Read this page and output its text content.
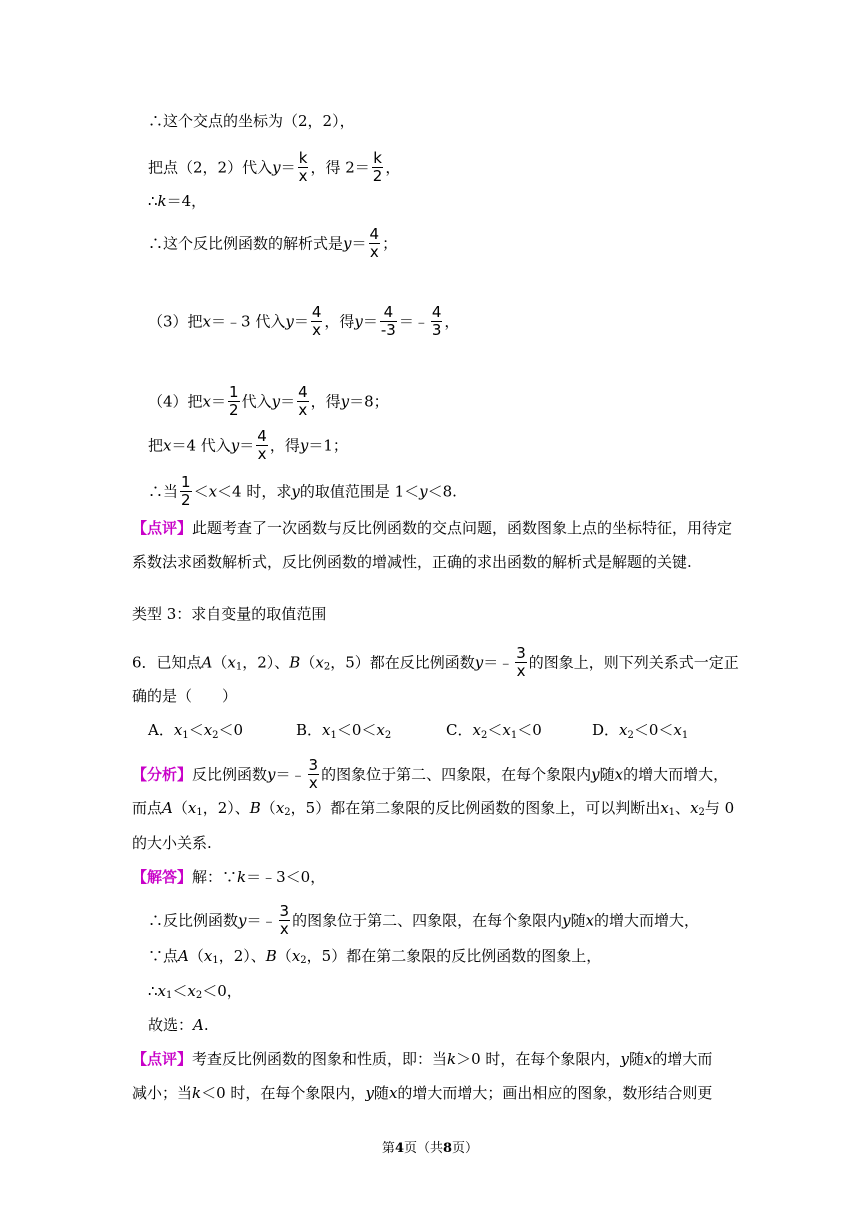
∴这个交点的坐标为（2，2），
把点（2，2）代入$y= \frac{k}{x}$ ，得 $2= \frac{k}{2}$ ，
∴k＝4，
∴这个反比例函数的解析式是$y= \frac{4}{x}$ ；
（3）把x＝﹣3 代入$y= \frac{4}{x}$ ，得$y= \frac{4}{-3}$ ＝﹣ $\frac{4}{3}$ ，
（4）把$x= \frac{1}{2}$ 代入$y= \frac{4}{x}$ ，得y＝8；
把x＝4 代入$y= \frac{4}{x}$ ，得y＝1；
∴当 $\frac{1}{2} <x<4$ 时，求y的取值范围是 1＜y＜8.
【点评】此题考查了一次函数与反比例函数的交点问题，函数图象上点的坐标特征，用待定
系数法求函数解析式，反比例函数的增减性，正确的求出函数的解析式是解题的关键.
类型 3：求自变量的取值范围
6．已知点$A(x_1$，2）、$B(x_2$，5）都在反比例函数y＝﹣ $\frac{3}{x}$ 的图象上，则下列关系式一定正
确的是（　　）
A．$x_1<x_2<0$	B．$x_1<0<x_2$	C．$x_2<x_1<0$	D．$x_2<0<x_1$
【分析】反比例函数y＝﹣ $\frac{3}{x}$ 的图象位于第二、四象限，在每个象限内y随x的增大而增大，
而点$A(x_1$，2）、$B(x_2$，5）都在第二象限的反比例函数的图象上，可以判断出$x_1$、$x_2$与 0
的大小关系.
【解答】解：∵k＝﹣3＜0，
∴反比例函数y＝﹣ $\frac{3}{x}$ 的图象位于第二、四象限，在每个象限内y随x的增大而增大，
∵点$A(x_1$，2）、$B(x_2$，5）都在第二象限的反比例函数的图象上，
$\therefore x_1<x_2<0$，
故选：A.
【点评】考查反比例函数的图象和性质，即：当k＞0 时，在每个象限内，y随x的增大而
减小；当k＜0 时，在每个象限内，y随x的增大而增大；画出相应的图象，数形结合则更
第4页（共8页）
